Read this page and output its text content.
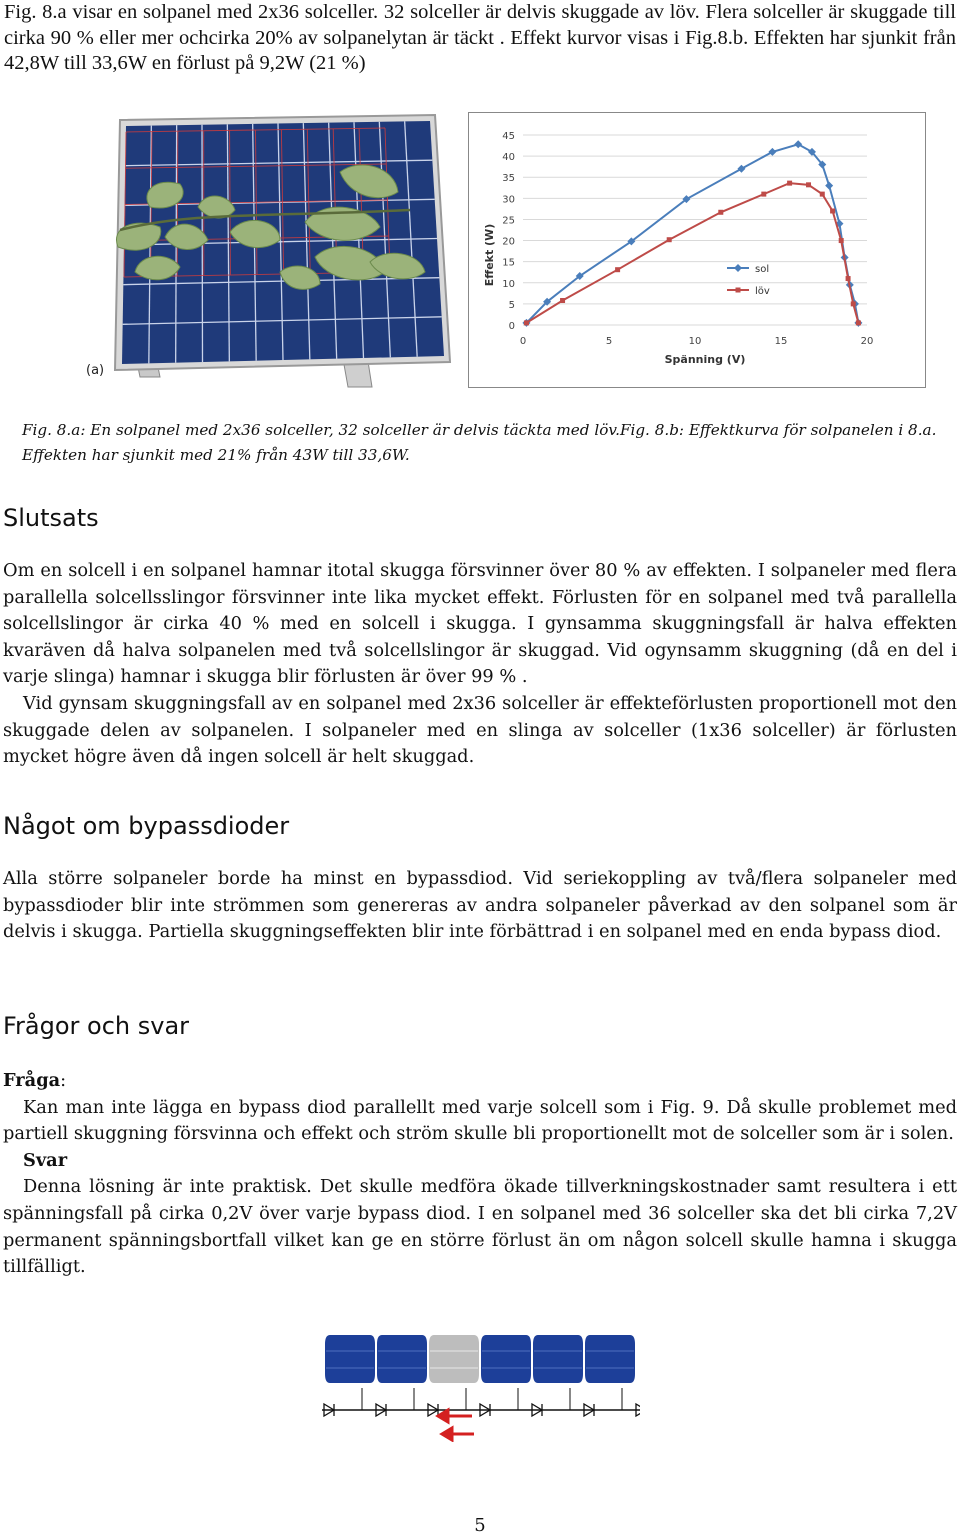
Fig. 8.a visar en solpanel med 2x36 solceller. 32 solceller är delvis skuggade av löv. Flera solceller är skuggade till cirka 90 % eller mer ochcirka 20% av solpanelytan är täckt . Effekt kurvor visas i Fig.8.b. Effekten har sjunkit från 42,8W till 33,6W en förlust på 9,2W (21 %)
(a)
0
5
10
15
20
25
30
35
40
45
0	5	10	15	20
Effekt (W)
Spänning (V)
sol
löv
Fig. 8.a: En solpanel med 2x36 solceller, 32 solceller är delvis täckta med löv.Fig. 8.b: Effektkurva för solpanelen i 8.a. Effekten har sjunkit med 21% från 43W till 33,6W.
Slutsats

Om en solcell i en solpanel hamnar itotal skugga försvinner över 80 % av effekten. I solpaneler med flera parallella solcellsslingor försvinner inte lika mycket effekt. Förlusten för en solpanel med två parallella solcellslingor är cirka 40 % med en solcell i skugga. I gynsamma skuggningsfall är halva effekten kvaräven då halva solpanelen med två solcellslingor är skuggad. Vid ogynsamm skuggning (då en del i varje slinga) hamnar i skugga blir förlusten är över 99 % .

Vid gynsam skuggningsfall av en solpanel med 2x36 solceller är effekteförlusten proportionell mot den skuggade delen av solpanelen. I solpaneler med en slinga av solceller (1x36 solceller) är förlusten mycket högre även då ingen solcell är helt skuggad.

Något om bypassdioder

Alla större solpaneler borde ha minst en bypassdiod. Vid seriekoppling av två/flera solpaneler med bypassdioder blir inte strömmen som genereras av andra solpaneler påverkad av den solpanel som är delvis i skugga. Partiella skuggningseffekten blir inte förbättrad i en solpanel med en enda bypass diod.

Frågor och svar

Fråga:

Kan man inte lägga en bypass diod parallellt med varje solcell som i Fig. 9. Då skulle problemet med partiell skuggning försvinna och effekt och ström skulle bli proportionellt mot de solceller som är i solen.

Svar

Denna lösning är inte praktisk. Det skulle medföra ökade tillverkningskostnader samt resultera i ett spänningsfall på cirka 0,2V över varje bypass diod. I en solpanel med 36 solceller ska det bli cirka 7,2V permanent spänningsbortfall vilket kan ge en större förlust än om någon solcell skulle hamna i skugga tillfälligt.

5
